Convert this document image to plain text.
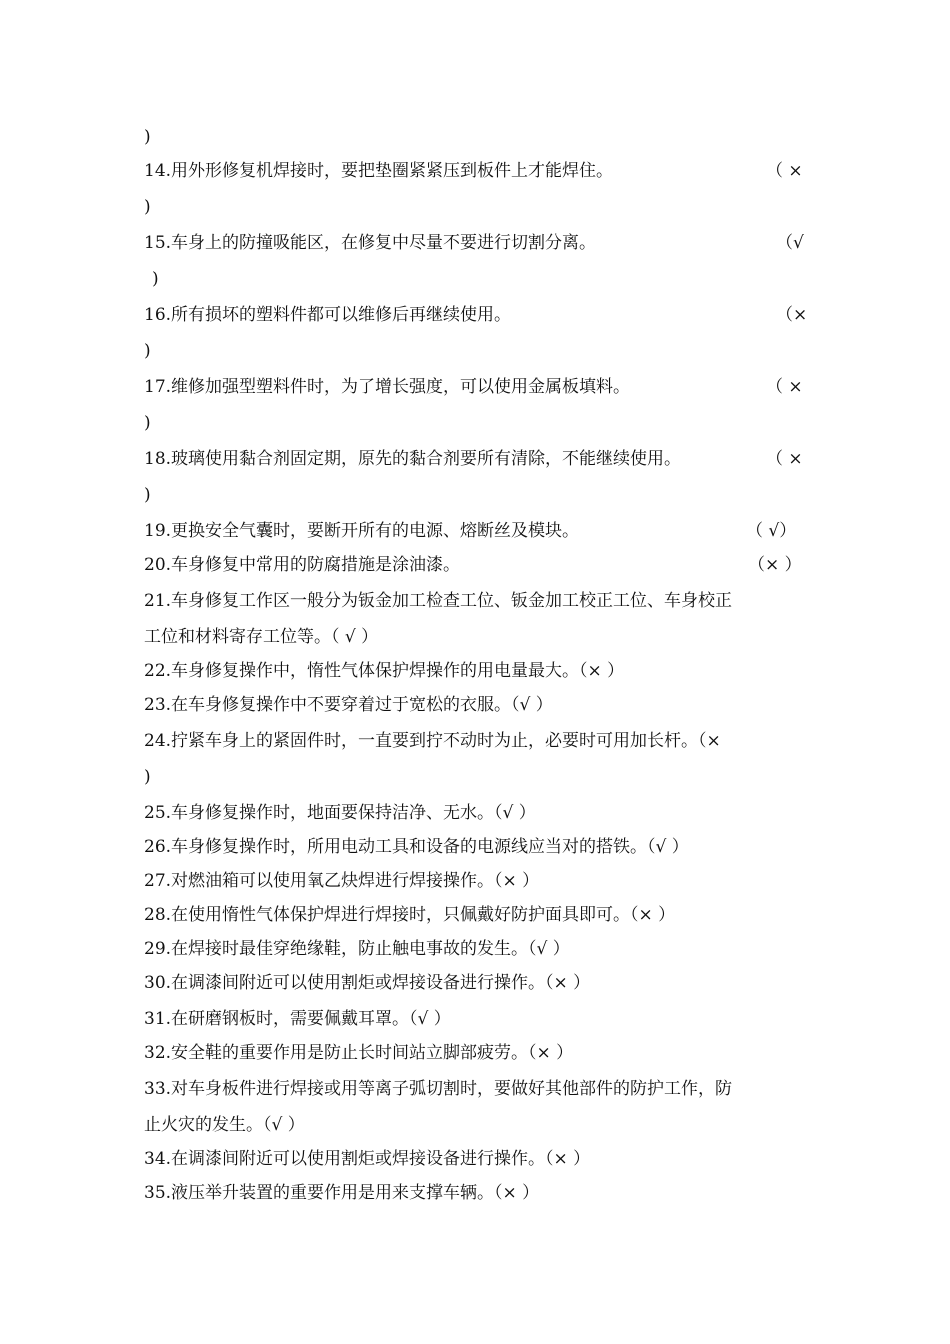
)
14.用外形修复机焊接时，要把垫圈紧紧压到板件上才能焊住。	（ ×
)
15.车身上的防撞吸能区，在修复中尽量不要进行切割分离。	（√
)
16.所有损坏的塑料件都可以维修后再继续使用。	（×
)
17.维修加强型塑料件时，为了增长强度，可以使用金属板填料。	（ ×
)
18.玻璃使用黏合剂固定期，原先的黏合剂要所有清除，不能继续使用。	（ ×
)
19.更换安全气囊时，要断开所有的电源、熔断丝及模块。	（ √）
20.车身修复中常用的防腐措施是涂油漆。	（× ）
21.车身修复工作区一般分为钣金加工检查工位、钣金加工校正工位、车身校正
工位和材料寄存工位等。（ √ ）
22.车身修复操作中，惰性气体保护焊操作的用电量最大。（× ）
23.在车身修复操作中不要穿着过于宽松的衣服。（√ ）
24.拧紧车身上的紧固件时，一直要到拧不动时为止，必要时可用加长杆。（×
)
25.车身修复操作时，地面要保持洁净、无水。（√ ）
26.车身修复操作时，所用电动工具和设备的电源线应当对的搭铁。（√ ）
27.对燃油箱可以使用氧乙炔焊进行焊接操作。（× ）
28.在使用惰性气体保护焊进行焊接时，只佩戴好防护面具即可。（× ）
29.在焊接时最佳穿绝缘鞋，防止触电事故的发生。（√ ）
30.在调漆间附近可以使用割炬或焊接设备进行操作。（× ）
31.在研磨钢板时，需要佩戴耳罩。（√ ）
32.安全鞋的重要作用是防止长时间站立脚部疲劳。（× ）
33.对车身板件进行焊接或用等离子弧切割时，要做好其他部件的防护工作，防
止火灾的发生。（√ ）
34.在调漆间附近可以使用割炬或焊接设备进行操作。（× ）
35.液压举升装置的重要作用是用来支撑车辆。（× ）
